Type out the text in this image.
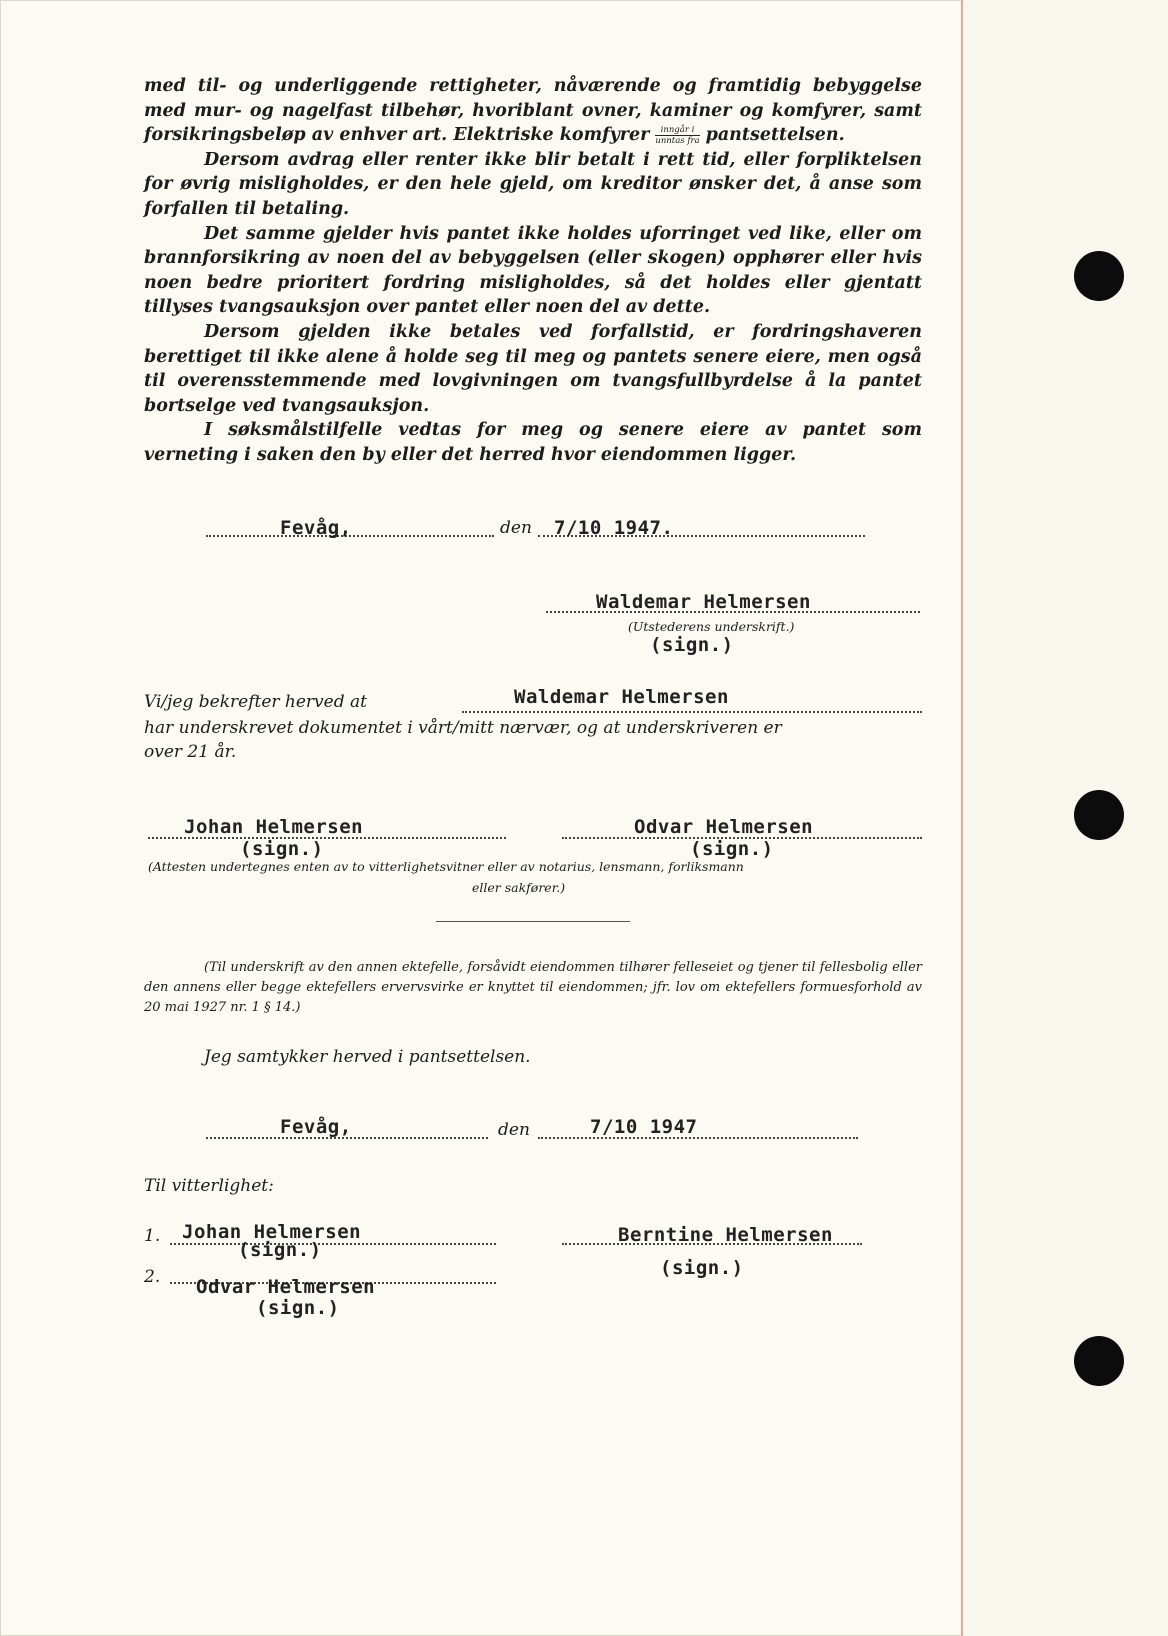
med til- og underliggende rettigheter, nåværende og framtidig bebyggelse med mur- og nagelfast tilbehør, hvoriblant ovner, kaminer og komfyrer, samt forsikringsbeløp av enhver art. Elektriske komfyrer $\frac{\text{inngår i}}{\text{unntas fra}}$ pantsettelsen.

Dersom avdrag eller renter ikke blir betalt i rett tid, eller forpliktelsen for øvrig misligholdes, er den hele gjeld, om kreditor ønsker det, å anse som forfallen til betaling.

Det samme gjelder hvis pantet ikke holdes uforringet ved like, eller om brannforsikring av noen del av bebyggelsen (eller skogen) opphører eller hvis noen bedre prioritert fordring misligholdes, så det holdes eller gjentatt tillyses tvangsauksjon over pantet eller noen del av dette.

Dersom gjelden ikke betales ved forfallstid, er fordringshaveren berettiget til ikke alene å holde seg til meg og pantets senere eiere, men også til overensstemmende med lovgivningen om tvangsfullbyrdelse å la pantet bortselge ved tvangsauksjon.

I søksmålstilfelle vedtas for meg og senere eiere av pantet som verneting i saken den by eller det herred hvor eiendommen ligger.

Fevåg,	den 7/10 1947.
Waldemar Helmersen
(Utstederens underskrift.)
(sign.)
Vi/jeg bekrefter herved at	Waldemar Helmersen
har underskrevet dokumentet i vårt/mitt nærvær, og at underskriveren er
over 21 år.
Johan Helmersen
(sign.)
Odvar Helmersen
(sign.)
(Attesten undertegnes enten av to vitterlighetsvitner eller av notarius, lensmann, forliksmann
eller sakfører.)
(Til underskrift av den annen ektefelle, forsåvidt eiendommen tilhører felleseiet og tjener til fellesbolig eller den annens eller begge ektefellers ervervsvirke er knyttet til eiendommen; jfr. lov om ektefellers formuesforhold av 20 mai 1927 nr. 1 § 14.)
Jeg samtykker herved i pantsettelsen.
Fevåg,	den	7/10 1947
Til vitterlighet:
1. Johan Helmersen
(sign.)
2. Odvar Helmersen
(sign.)
Berntine Helmersen
(sign.)
